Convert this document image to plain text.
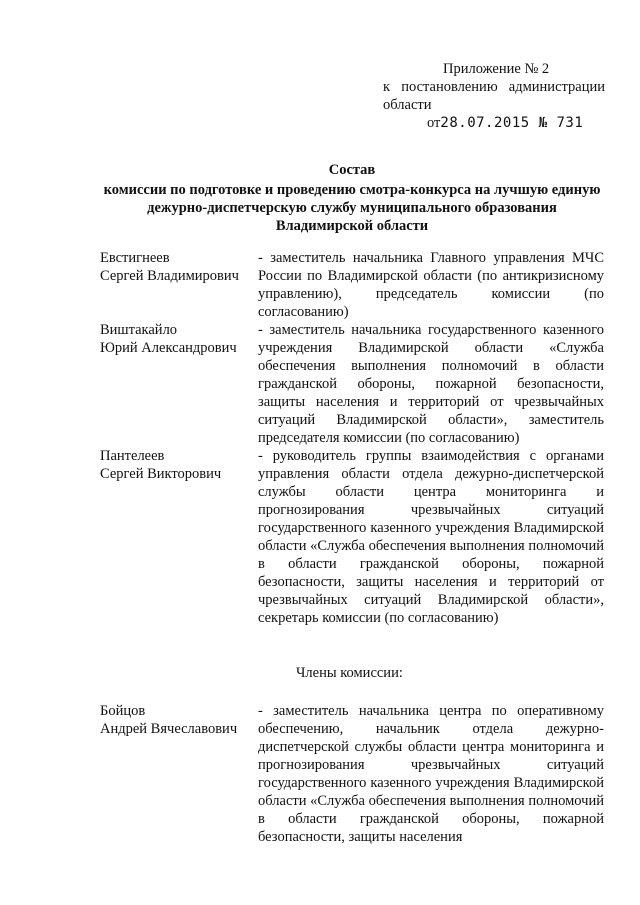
Приложение № 2
к постановлению администрации
области
от28.07.2015 № 731
Состав
комиссии по подготовке и проведению смотра-конкурса на лучшую единую дежурно-диспетчерскую службу муниципального образования Владимирской области
Евстигнеев
Сергей Владимирович
- заместитель начальника Главного управления МЧС России по Владимирской области (по антикризисному управлению), председатель комиссии (по согласованию)
Виштакайло
Юрий Александрович
- заместитель начальника государственного казенного учреждения Владимирской области «Служба обеспечения выполнения полномочий в области гражданской обороны, пожарной безопасности, защиты населения и территорий от чрезвычайных ситуаций Владимирской области», заместитель председателя комиссии (по согласованию)
Пантелеев
Сергей Викторович
- руководитель группы взаимодействия с органами управления области отдела дежурно-диспетчерской службы области центра мониторинга и прогнозирования чрезвычайных ситуаций государственного казенного учреждения Владимирской области «Служба обеспечения выполнения полномочий в области гражданской обороны, пожарной безопасности, защиты населения и территорий от чрезвычайных ситуаций Владимирской области», секретарь комиссии (по согласованию)
Члены комиссии:
Бойцов
Андрей Вячеславович
- заместитель начальника центра по оперативному обеспечению, начальник отдела дежурно-диспетчерской службы области центра мониторинга и прогнозирования чрезвычайных ситуаций государственного казенного учреждения Владимирской области «Служба обеспечения выполнения полномочий в области гражданской обороны, пожарной безопасности, защиты населения
